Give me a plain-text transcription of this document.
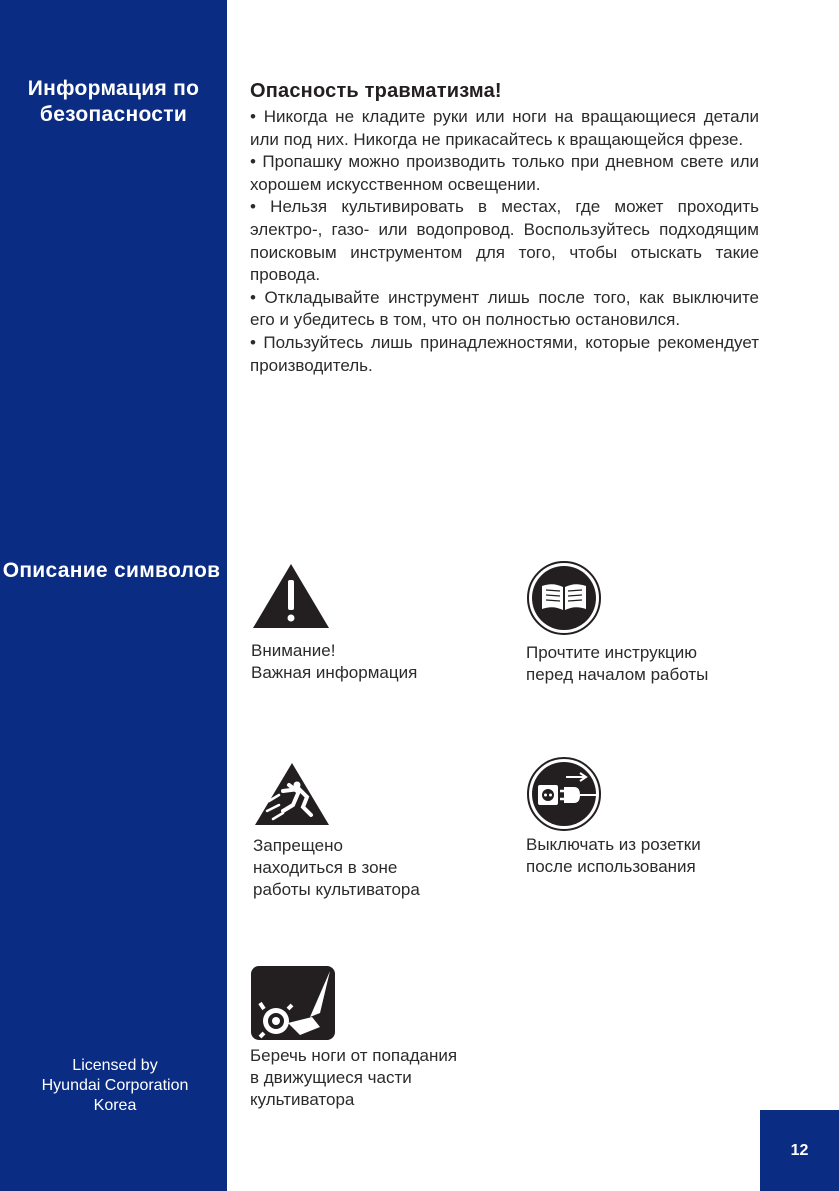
Информация по безопасности
Описание символов
Licensed by
Hyundai Corporation
Korea
Опасность травматизма!
• Никогда не кладите руки или ноги на вращающиеся детали или под них. Никогда не прикасайтесь к вращающейся фрезе.
• Пропашку можно производить только при дневном свете или хорошем искусственном освещении.
• Нельзя культивировать в местах, где может проходить электро-, газо- или водопровод. Воспользуйтесь подходящим поисковым инструментом для того, чтобы отыскать такие провода.
• Откладывайте инструмент лишь после того, как выключите его и убедитесь в том, что он полностью остановился.
• Пользуйтесь лишь принадлежностями, которые рекомендует производитель.
Внимание!
Важная информация
Прочтите инструкцию
перед началом работы
Запрещено
находиться в зоне
работы культиватора
Выключать из розетки
после использования
Беречь ноги от попадания
в движущиеся части
культиватора
12
